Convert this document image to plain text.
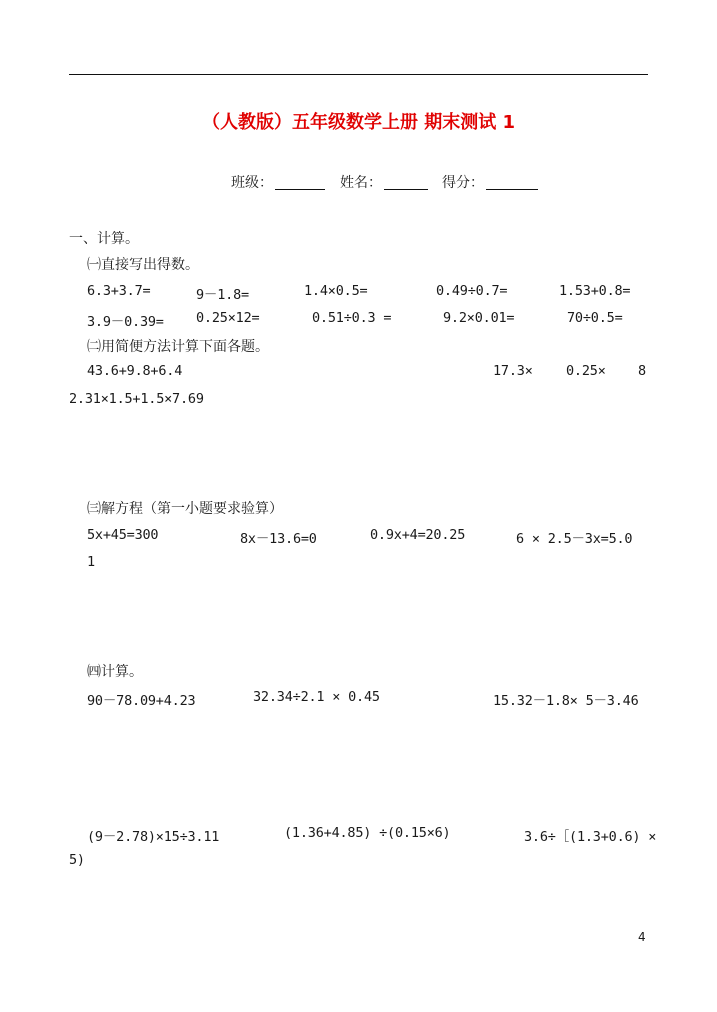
（人教版）五年级数学上册 期末测试 1
班级：	姓名：	得分：
一、计算。
㈠直接写出得数。
6.3+3.7=	9－1.8=	1.4×0.5=	0.49÷0.7=	1.53+0.8=
3.9－0.39= 0.25×12=	0.51÷0.3 =	9.2×0.01=	70÷0.5=
㈡用简便方法计算下面各题。
43.6+9.8+6.4	17.3× 0.25× 8
2.31×1.5+1.5×7.69
㈢解方程（第一小题要求验算）
5x+45=300	8x－13.6=0	0.9x+4=20.25	6 × 2.5－3x=5.0
1
㈣计算。
90－78.09+4.23	32.34÷2.1 × 0.45	15.32－1.8× 5－3.46
(9－2.78)×15÷3.11	(1.36+4.85) ÷(0.15×6)	3.6÷［(1.3+0.6) ×
5)
4
